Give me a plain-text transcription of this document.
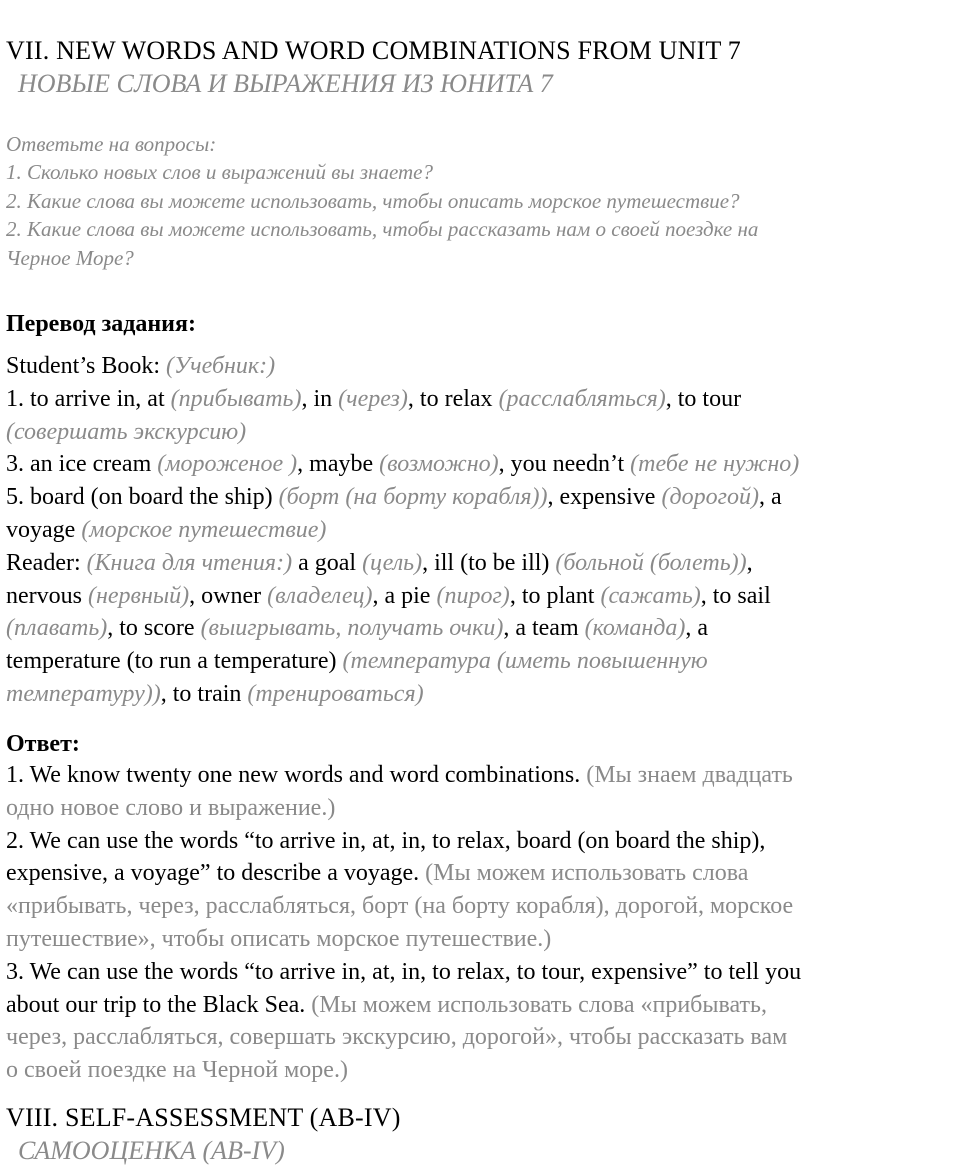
VII. NEW WORDS AND WORD COMBINATIONS FROM UNIT 7
НОВЫЕ СЛОВА И ВЫРАЖЕНИЯ ИЗ ЮНИТА 7
Ответьте на вопросы:
1. Сколько новых слов и выражений вы знаете?
2. Какие слова вы можете использовать, чтобы описать морское путешествие?
2. Какие слова вы можете использовать, чтобы рассказать нам о своей поездке на
Черное Море?
Перевод задания:
Student’s Book: (Учебник:)
1. to arrive in, at (прибывать), in (через), to relax (расслабляться), to tour
(совершать экскурсию)
3. an ice cream (мороженое ), maybe (возможно), you needn’t (тебе не нужно)
5. board (on board the ship) (борт (на борту корабля)), expensive (дорогой), a
voyage (морское путешествие)
Reader: (Книга для чтения:) a goal (цель), ill (to be ill) (больной (болеть)),
nervous (нервный), owner (владелец), a pie (пирог), to plant (сажать), to sail
(плавать), to score (выигрывать, получать очки), a team (команда), a
temperature (to run a temperature) (температура (иметь повышенную
температуру)), to train (тренироваться)
Ответ:
1. We know twenty one new words and word combinations. (Мы знаем двадцать
одно новое слово и выражение.)
2. We can use the words “to arrive in, at, in, to relax, board (on board the ship),
expensive, a voyage” to describe a voyage. (Мы можем использовать слова
«прибывать, через, расслабляться, борт (на борту корабля), дорогой, морское
путешествие», чтобы описать морское путешествие.)
3. We can use the words “to arrive in, at, in, to relax, to tour, expensive” to tell you
about our trip to the Black Sea. (Мы можем использовать слова «прибывать,
через, расслабляться, совершать экскурсию, дорогой», чтобы рассказать вам
о своей поездке на Черной море.)
VIII. SELF-ASSESSMENT (AB-IV)
САМООЦЕНКА (AB-IV)
